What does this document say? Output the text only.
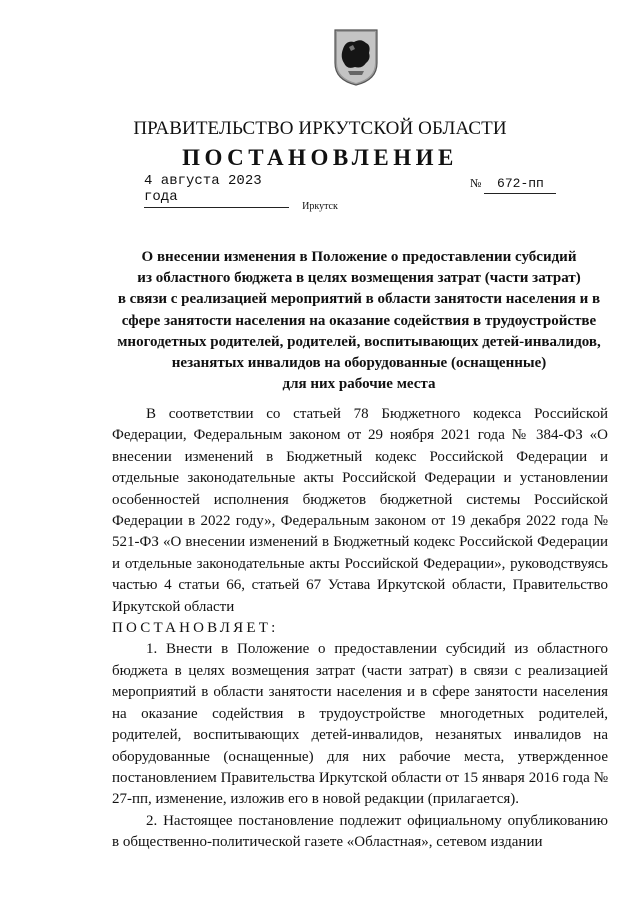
ПРАВИТЕЛЬСТВО ИРКУТСКОЙ ОБЛАСТИ
ПОСТАНОВЛЕНИЕ
4 августа 2023 года
№ 672-пп
Иркутск
О внесении изменения в Положение о предоставлении субсидий
из областного бюджета в целях возмещения затрат (части затрат)
в связи с реализацией мероприятий в области занятости населения и в
сфере занятости населения на оказание содействия в трудоустройстве
многодетных родителей, родителей, воспитывающих детей-инвалидов,
незанятых инвалидов на оборудованные (оснащенные)
для них рабочие места

В соответствии со статьей 78 Бюджетного кодекса Российской Федерации, Федеральным законом от 29 ноября 2021 года № 384-ФЗ «О внесении изменений в Бюджетный кодекс Российской Федерации и отдельные законодательные акты Российской Федерации и установлении особенностей исполнения бюджетов бюджетной системы Российской Федерации в 2022 году», Федеральным законом от 19 декабря 2022 года № 521-ФЗ «О внесении изменений в Бюджетный кодекс Российской Федерации и отдельные законодательные акты Российской Федерации», руководствуясь частью 4 статьи 66, статьей 67 Устава Иркутской области, Правительство Иркутской области

ПОСТАНОВЛЯЕТ:

1. Внести в Положение о предоставлении субсидий из областного бюджета в целях возмещения затрат (части затрат) в связи с реализацией мероприятий в области занятости населения и в сфере занятости населения на оказание содействия в трудоустройстве многодетных родителей, родителей, воспитывающих детей-инвалидов, незанятых инвалидов на оборудованные (оснащенные) для них рабочие места, утвержденное постановлением Правительства Иркутской области от 15 января 2016 года № 27-пп, изменение, изложив его в новой редакции (прилагается).

2. Настоящее постановление подлежит официальному опубликованию в общественно-политической газете «Областная», сетевом издании
